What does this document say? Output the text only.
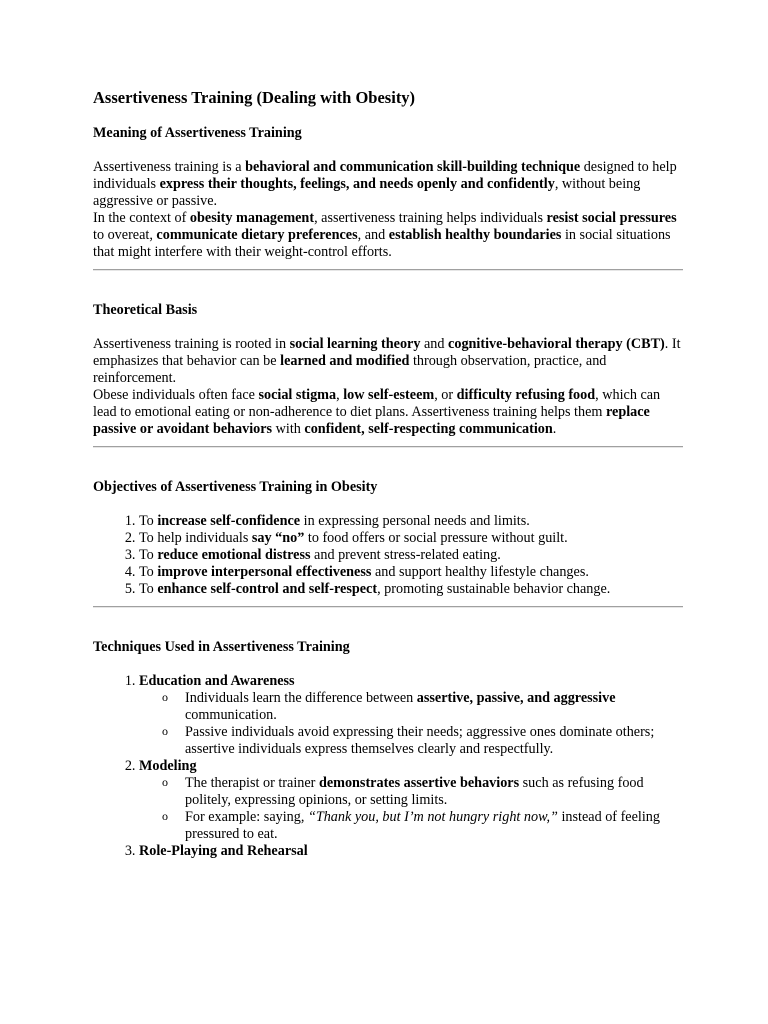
Assertiveness Training (Dealing with Obesity)
Meaning of Assertiveness Training

Assertiveness training is a behavioral and communication skill-building technique designed to help individuals express their thoughts, feelings, and needs openly and confidently, without being aggressive or passive.

In the context of obesity management, assertiveness training helps individuals resist social pressures to overeat, communicate dietary preferences, and establish healthy boundaries in social situations that might interfere with their weight-control efforts.

Theoretical Basis

Assertiveness training is rooted in social learning theory and cognitive-behavioral therapy (CBT). It emphasizes that behavior can be learned and modified through observation, practice, and reinforcement.

Obese individuals often face social stigma, low self-esteem, or difficulty refusing food, which can lead to emotional eating or non-adherence to diet plans. Assertiveness training helps them replace passive or avoidant behaviors with confident, self-respecting communication.

Objectives of Assertiveness Training in Obesity
1. To increase self-confidence in expressing personal needs and limits.
2. To help individuals say “no” to food offers or social pressure without guilt.
3. To reduce emotional distress and prevent stress-related eating.
4. To improve interpersonal effectiveness and support healthy lifestyle changes.
5. To enhance self-control and self-respect, promoting sustainable behavior change.
Techniques Used in Assertiveness Training
1. Education and Awareness
o Individuals learn the difference between assertive, passive, and aggressive communication.
o Passive individuals avoid expressing their needs; aggressive ones dominate others; assertive individuals express themselves clearly and respectfully.
2. Modeling
o The therapist or trainer demonstrates assertive behaviors such as refusing food politely, expressing opinions, or setting limits.
o For example: saying, “Thank you, but I’m not hungry right now,” instead of feeling pressured to eat.
3. Role-Playing and Rehearsal
